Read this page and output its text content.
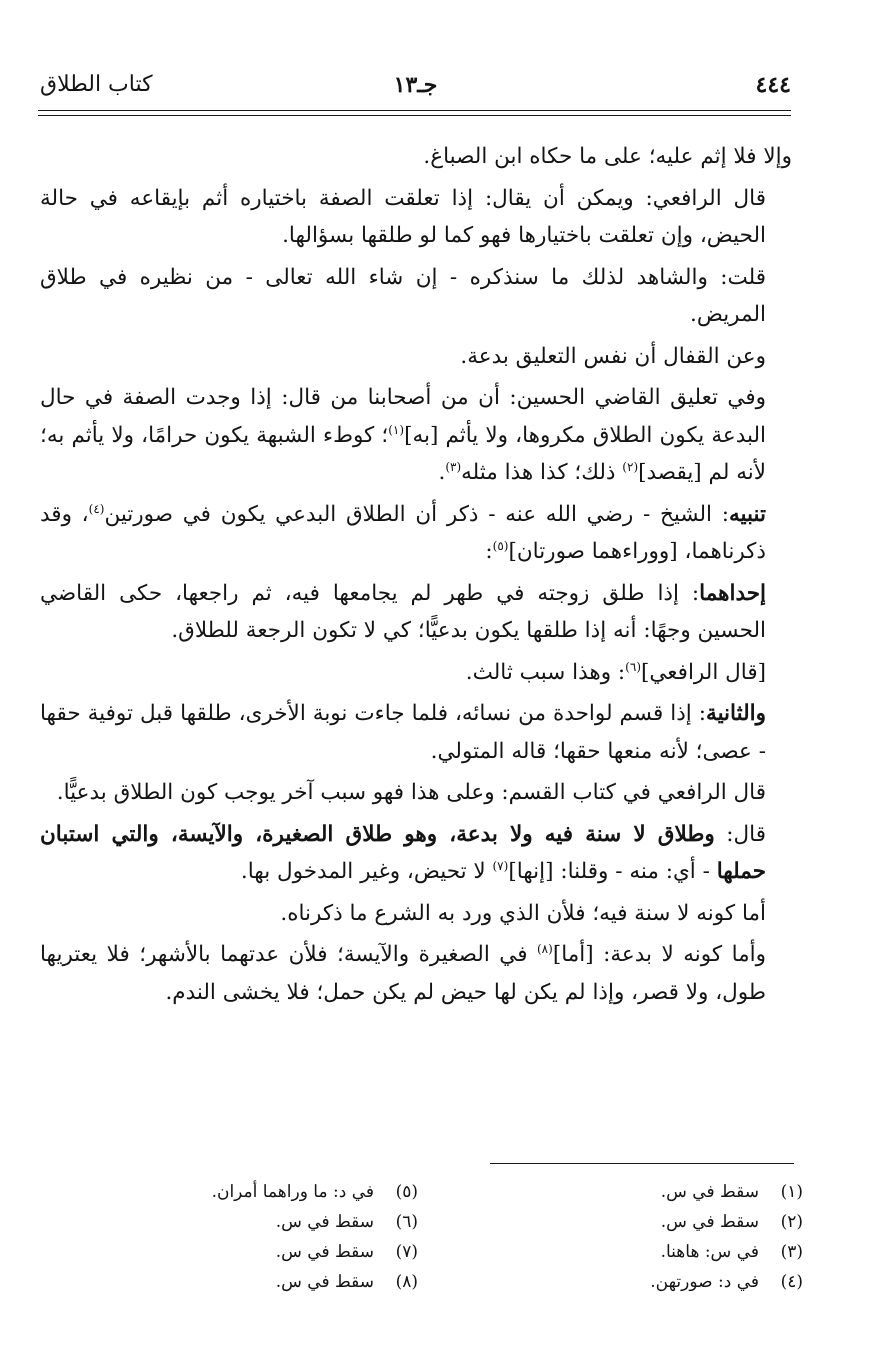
٤٤٤
جـ١٣
كتاب الطلاق

وإلا فلا إثم عليه؛ على ما حكاه ابن الصباغ.

قال الرافعي: ويمكن أن يقال: إذا تعلقت الصفة باختياره أثم بإيقاعه في حالة الحيض، وإن تعلقت باختيارها فهو كما لو طلقها بسؤالها.

قلت: والشاهد لذلك ما سنذكره - إن شاء الله تعالى - من نظيره في طلاق المريض.

وعن القفال أن نفس التعليق بدعة.

وفي تعليق القاضي الحسين: أن من أصحابنا من قال: إذا وجدت الصفة في حال البدعة يكون الطلاق مكروها، ولا يأثم [به]$^{(١)}$؛ كوطء الشبهة يكون حرامًا، ولا يأثم به؛ لأنه لم [يقصد]$^{(٢)}$ ذلك؛ كذا هذا مثله$^{(٣)}$.

تنبيه: الشيخ - رضي الله عنه - ذكر أن الطلاق البدعي يكون في صورتين$^{(٤)}$، وقد ذكرناهما، [ووراءهما صورتان]$^{(٥)}$:

إحداهما: إذا طلق زوجته في طهر لم يجامعها فيه، ثم راجعها، حكى القاضي الحسين وجهًا: أنه إذا طلقها يكون بدعيًّا؛ كي لا تكون الرجعة للطلاق.

[قال الرافعي]$^{(٦)}$: وهذا سبب ثالث.

والثانية: إذا قسم لواحدة من نسائه، فلما جاءت نوبة الأخرى، طلقها قبل توفية حقها - عصى؛ لأنه منعها حقها؛ قاله المتولي.

قال الرافعي في كتاب القسم: وعلى هذا فهو سبب آخر يوجب كون الطلاق بدعيًّا.

قال: وطلاق لا سنة فيه ولا بدعة، وهو طلاق الصغيرة، والآيسة، والتي استبان حملها - أي: منه - وقلنا: [إنها]$^{(٧)}$ لا تحيض، وغير المدخول بها.

أما كونه لا سنة فيه؛ فلأن الذي ورد به الشرع ما ذكرناه.

وأما كونه لا بدعة: [أما]$^{(٨)}$ في الصغيرة والآيسة؛ فلأن عدتهما بالأشهر؛ فلا يعتريها طول، ولا قصر، وإذا لم يكن لها حيض لم يكن حمل؛ فلا يخشى الندم.

(١)سقط في س.
(٢)سقط في س.
(٣)في س: هاهنا.
(٤)في د: صورتهن.
(٥)في د: ما وراهما أمران.
(٦)سقط في س.
(٧)سقط في س.
(٨)سقط في س.
